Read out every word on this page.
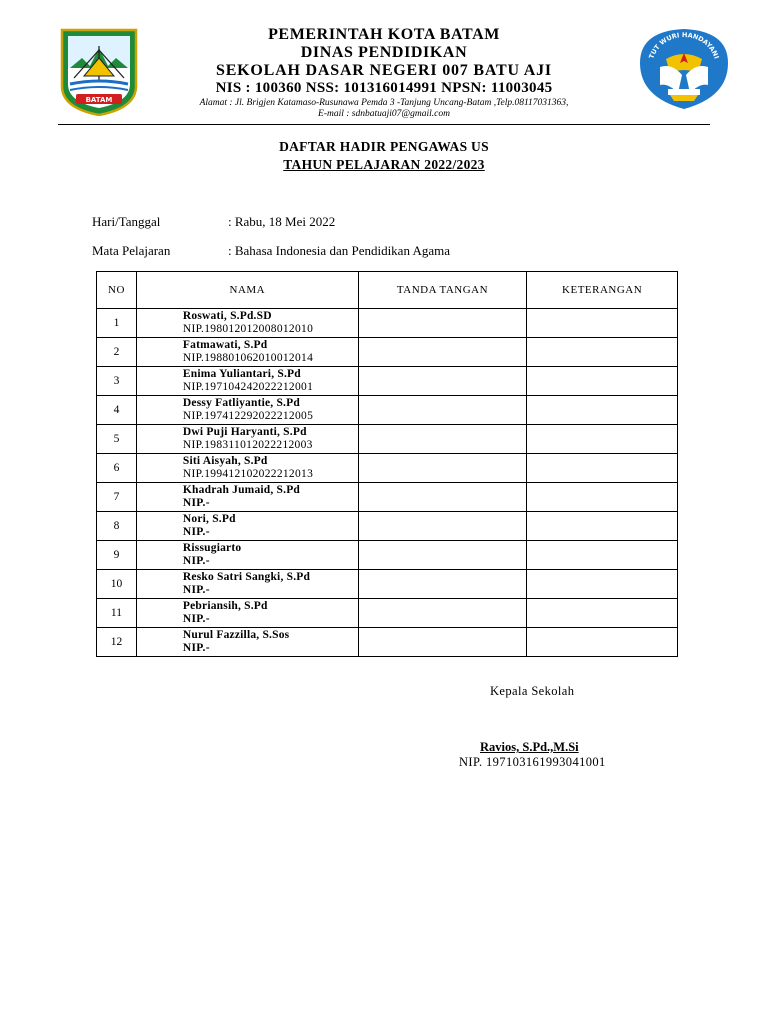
BATAM
TUT WURI HANDAYANI
PEMERINTAH KOTA BATAM
DINAS PENDIDIKAN
SEKOLAH DASAR NEGERI 007 BATU AJI
NIS : 100360 NSS: 101316014991 NPSN: 11003045
Alamat : Jl. Brigjen Katamaso-Rusunawa Pemda 3 -Tanjung Uncang-Batam ,Telp.08117031363,
E-mail : sdnbatuaji07@gmail.com
DAFTAR HADIR PENGAWAS US
TAHUN PELAJARAN 2022/2023
Hari/Tanggal	: Rabu, 18 Mei 2022
Mata Pelajaran	: Bahasa Indonesia dan Pendidikan Agama
NO	NAMA	TANDA TANGAN	KETERANGAN
1	Roswati, S.Pd.SD
NIP.198012012008012010		

2	Fatmawati, S.Pd
NIP.198801062010012014		

3	Enima Yuliantari, S.Pd
NIP.197104242022212001		

4	Dessy Fatliyantie, S.Pd
NIP.197412292022212005		

5	Dwi Puji Haryanti, S.Pd
NIP.198311012022212003		

6	Siti Aisyah, S.Pd
NIP.199412102022212013		

7	Khadrah Jumaid, S.Pd
NIP.-		

8	Nori, S.Pd
NIP.-		

9	Rissugiarto
NIP.-		

10	Resko Satri Sangki, S.Pd
NIP.-		

11	Pebriansih, S.Pd
NIP.-		

12	Nurul Fazzilla, S.Sos
NIP.-		

Kepala Sekolah
Ravios, S.Pd.,M.Si
NIP. 197103161993041001
